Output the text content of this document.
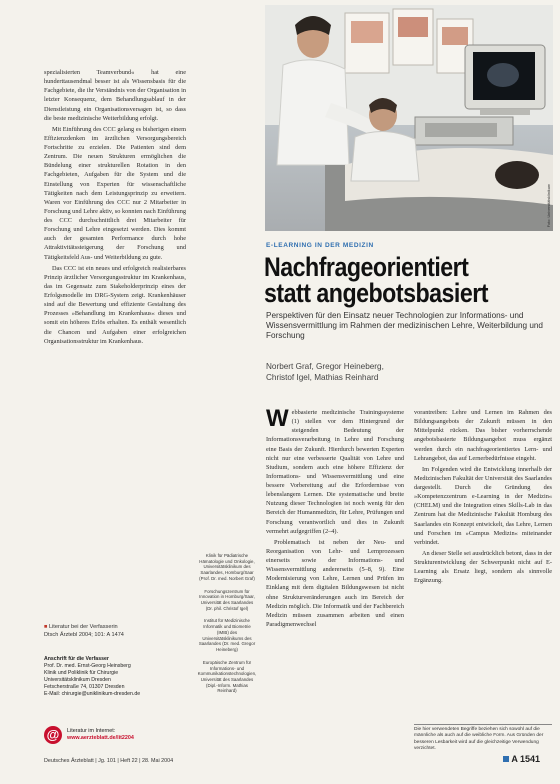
spezialisierten Teamverbund« hat eine hunderttausendmal besser ist als Wissensbasis für die Fachgebiete, die ihr Verständnis von der Organisation in letzter Konsequenz, dem Behandlungsablauf in der Dienstleistung ein Organisationsversagen ist, so dass die beste medizinische Weiterbildung erfolgt.

Mit Einführung des CCC gelang es bisherigen einem Effizienzdenken im ärztlichen Versorgungsbereich Fortschritte zu erzielen. Die Patienten sind dem Zentrum. Die neuen Strukturen ermöglichen die Bündelung einer strukturellen Rotation in den Fachgebieten, Aufgaben für die System und die Einstellung von Experten für wissenschaftliche Tätigkeiten nach dem Leistungsprinzip zu erweitern. Waren vor Einführung des CCC nur 2 Mitarbeiter in Forschung und Lehre aktiv, so konnten nach Einführung des CCC durchschnittlich drei Mitarbeiter für Forschung und Lehre eingesetzt werden. Dies kommt auch der gesamten Performance durch hohe Attraktivitätssteigerung der Forschung und Tätigkeitsfeld Aus- und Weiterbildung zu gute.

Das CCC ist ein neues und erfolgreich realisierbares Prinzip ärztlicher Versorgungsstruktur im Krankenhaus, das im Gegensatz zum Stakeholderprinzip eines der Erfolgsmodelle im DRG-System zeigt. Krankenhäuser sind auf die Bewertung und effiziente Gestaltung des Prozesses »Behandlung im Krankenhaus« dieses und somit ein höheres Erlös erhalten. Es enthält wesentlich die Chancen und Aufgaben einer erfolgreichen Organisationsstruktur im Krankenhaus.

■ Literatur bei der Verfasserin
Dtsch Ärztebl 2004; 101: A 1474
Anschrift für die Verfasser
Prof. Dr. med. Ernst-Georg Heinsberg
Klinik und Poliklinik für Chirurgie
Universitätsklinikum Dresden
Fetscherstraße 74, 01307 Dresden
E-Mail: chirurgie@uniklinikum-dresden.de
@	Literatur im Internet:
www.aerzteblatt.de/lit2204
Foto: Universitätsklinikum
E-LEARNING IN DER MEDIZIN
Nachfrageorientiert
statt angebotsbasiert
Perspektiven für den Einsatz neuer Technologien zur Informations- und Wissensvermittlung im Rahmen der medizinischen Lehre, Weiterbildung und Forschung
Norbert Graf, Gregor Heineberg,
Christof Igel, Mathias Reinhard
Klinik für Pädiatrische Hämatologie und Onkologie, Universitätsklinikum des Saarlandes, Homburg/Saar (Prof. Dr. med. Norbert Graf)
Forschungszentrum für Innovation in Homburg/Saar, Universität des Saarlandes (Dr. phil. Christof Igel)
Institut für Medizinische Informatik und Biometrie (IMIB) des Universitätsklinikums des Saarlandes (Dr. med. Gregor Heineberg)
Europäische Zentrum für Informations- und Kommunikationstechnologien, Universität des Saarlandes (Dipl.-Inform. Mathias Reinhard)

Webbasierte medizinische Trainingssysteme (1) stellen vor dem Hintergrund der steigenden Bedeutung der Informationsverarbeitung in Lehre und Forschung eine Basis der Zukunft. Hierdurch bewerten Experten nicht nur eine verbesserte Qualität von Lehre und Studium, sondern auch eine höhere Effizienz der Informations- und Wissensvermittlung und eine bessere Vorbereitung auf die Erfordernisse von lebenslangem Lernen. Die systematische und breite Nutzung dieser Technologien ist noch wenig für den Bereich der Humanmedizin, für Lehre, Prüfungen und Forschung verantwortlich und dies in Zukunft vermehrt aufgegriffen (2–4).

Problematisch ist neben der Neu- und Reorganisation von Lehr- und Lernprozessen einerseits sowie der Informations- und Wissensvermittlung andererseits (5–8, 9). Eine Modernisierung von Lehre, Lernen und Prüfen im Einklang mit dem digitalen Bildungswesen ist nicht ohne Strukturveränderungen auch im Bereich der Medizin möglich. Die Informatik und der Fachbereich Medizin müssen zusammen arbeiten und einen Paradigmenwechsel

vorantreiben: Lehre und Lernen im Rahmen des Bildungsangebots der Zukunft müssen in den Mittelpunkt rücken. Das bisher vorherrschende angebotsbasierte Bildungsangebot muss ergänzt werden durch ein nachfrageorientiertes Lern- und Lehrangebot, das auf Lernerbedürfnisse eingeht.

Im Folgenden wird die Entwicklung innerhalb der Medizinischen Fakultät der Universität des Saarlandes dargestellt. Durch die Gründung des »Kompetenzzentrum e-Learning in der Medizin« (CHELM) und die Integration eines Skills-Lab in das Zentrum hat die Medizinische Fakultät Homburg des Saarlandes ein Konzept entwickelt, das Lehre, Lernen und Forschen im »Campus Medizin« miteinander verbindet.

An dieser Stelle sei ausdrücklich betont, dass in der Strukturentwicklung der Schwerpunkt nicht auf E-Learning als Ersatz liegt, sondern als sinnvolle Ergänzung.

Die hier verwendeten Begriffe beziehen sich sowohl auf die männliche als auch auf die weibliche Form. Aus Gründen der besseren Lesbarkeit wird auf die gleichzeitige Verwendung verzichtet.
Deutsches Ärzteblatt | Jg. 101 | Heft 22 | 28. Mai 2004	A 1541
